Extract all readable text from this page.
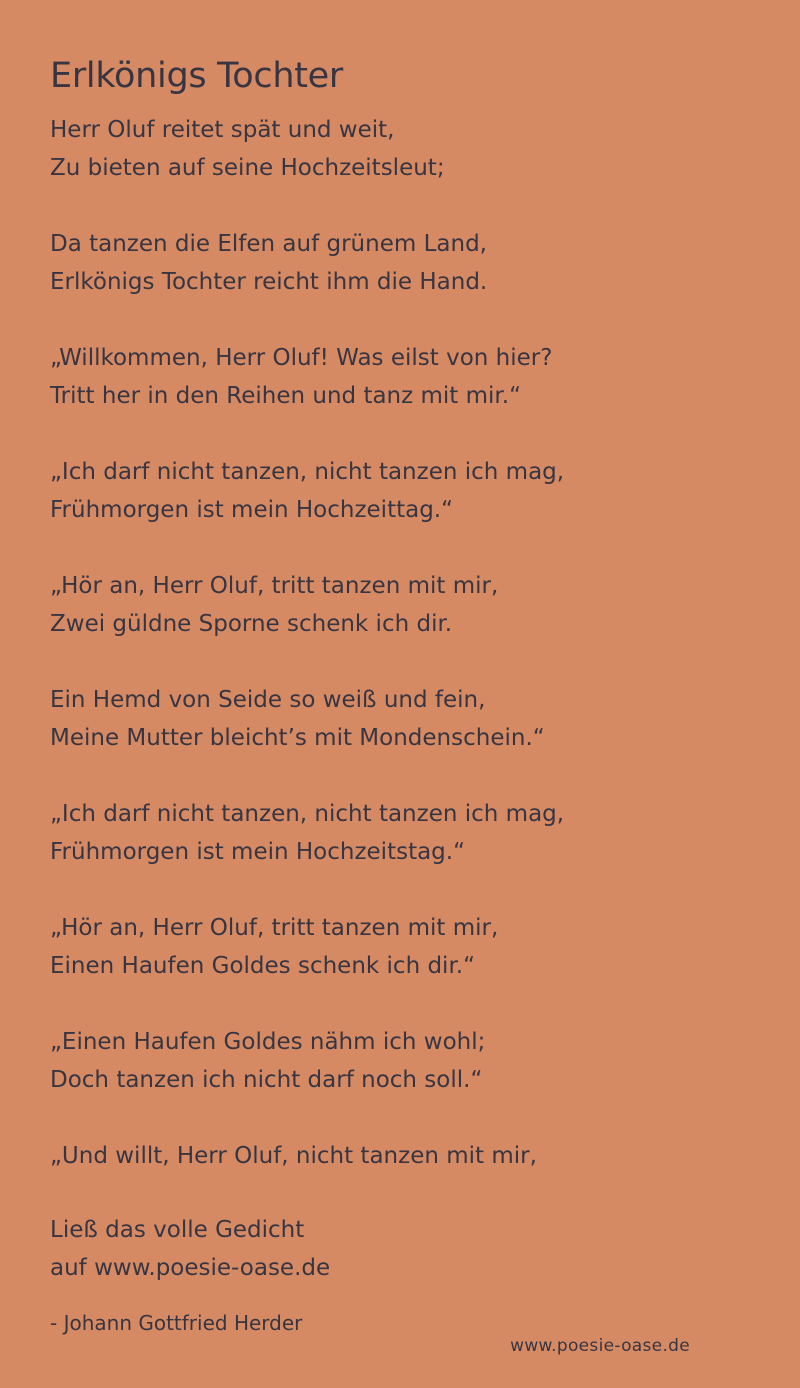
Erlkönigs Tochter
Herr Oluf reitet spät und weit,
Zu bieten auf seine Hochzeitsleut;
Da tanzen die Elfen auf grünem Land,
Erlkönigs Tochter reicht ihm die Hand.
„Willkommen, Herr Oluf! Was eilst von hier?
Tritt her in den Reihen und tanz mit mir.“
„Ich darf nicht tanzen, nicht tanzen ich mag,
Frühmorgen ist mein Hochzeittag.“
„Hör an, Herr Oluf, tritt tanzen mit mir,
Zwei güldne Sporne schenk ich dir.
Ein Hemd von Seide so weiß und fein,
Meine Mutter bleicht’s mit Mondenschein.“
„Ich darf nicht tanzen, nicht tanzen ich mag,
Frühmorgen ist mein Hochzeitstag.“
„Hör an, Herr Oluf, tritt tanzen mit mir,
Einen Haufen Goldes schenk ich dir.“
„Einen Haufen Goldes nähm ich wohl;
Doch tanzen ich nicht darf noch soll.“
„Und willt, Herr Oluf, nicht tanzen mit mir,
Ließ das volle Gedicht
auf www.poesie-oase.de
- Johann Gottfried Herder
www.poesie-oase.de
